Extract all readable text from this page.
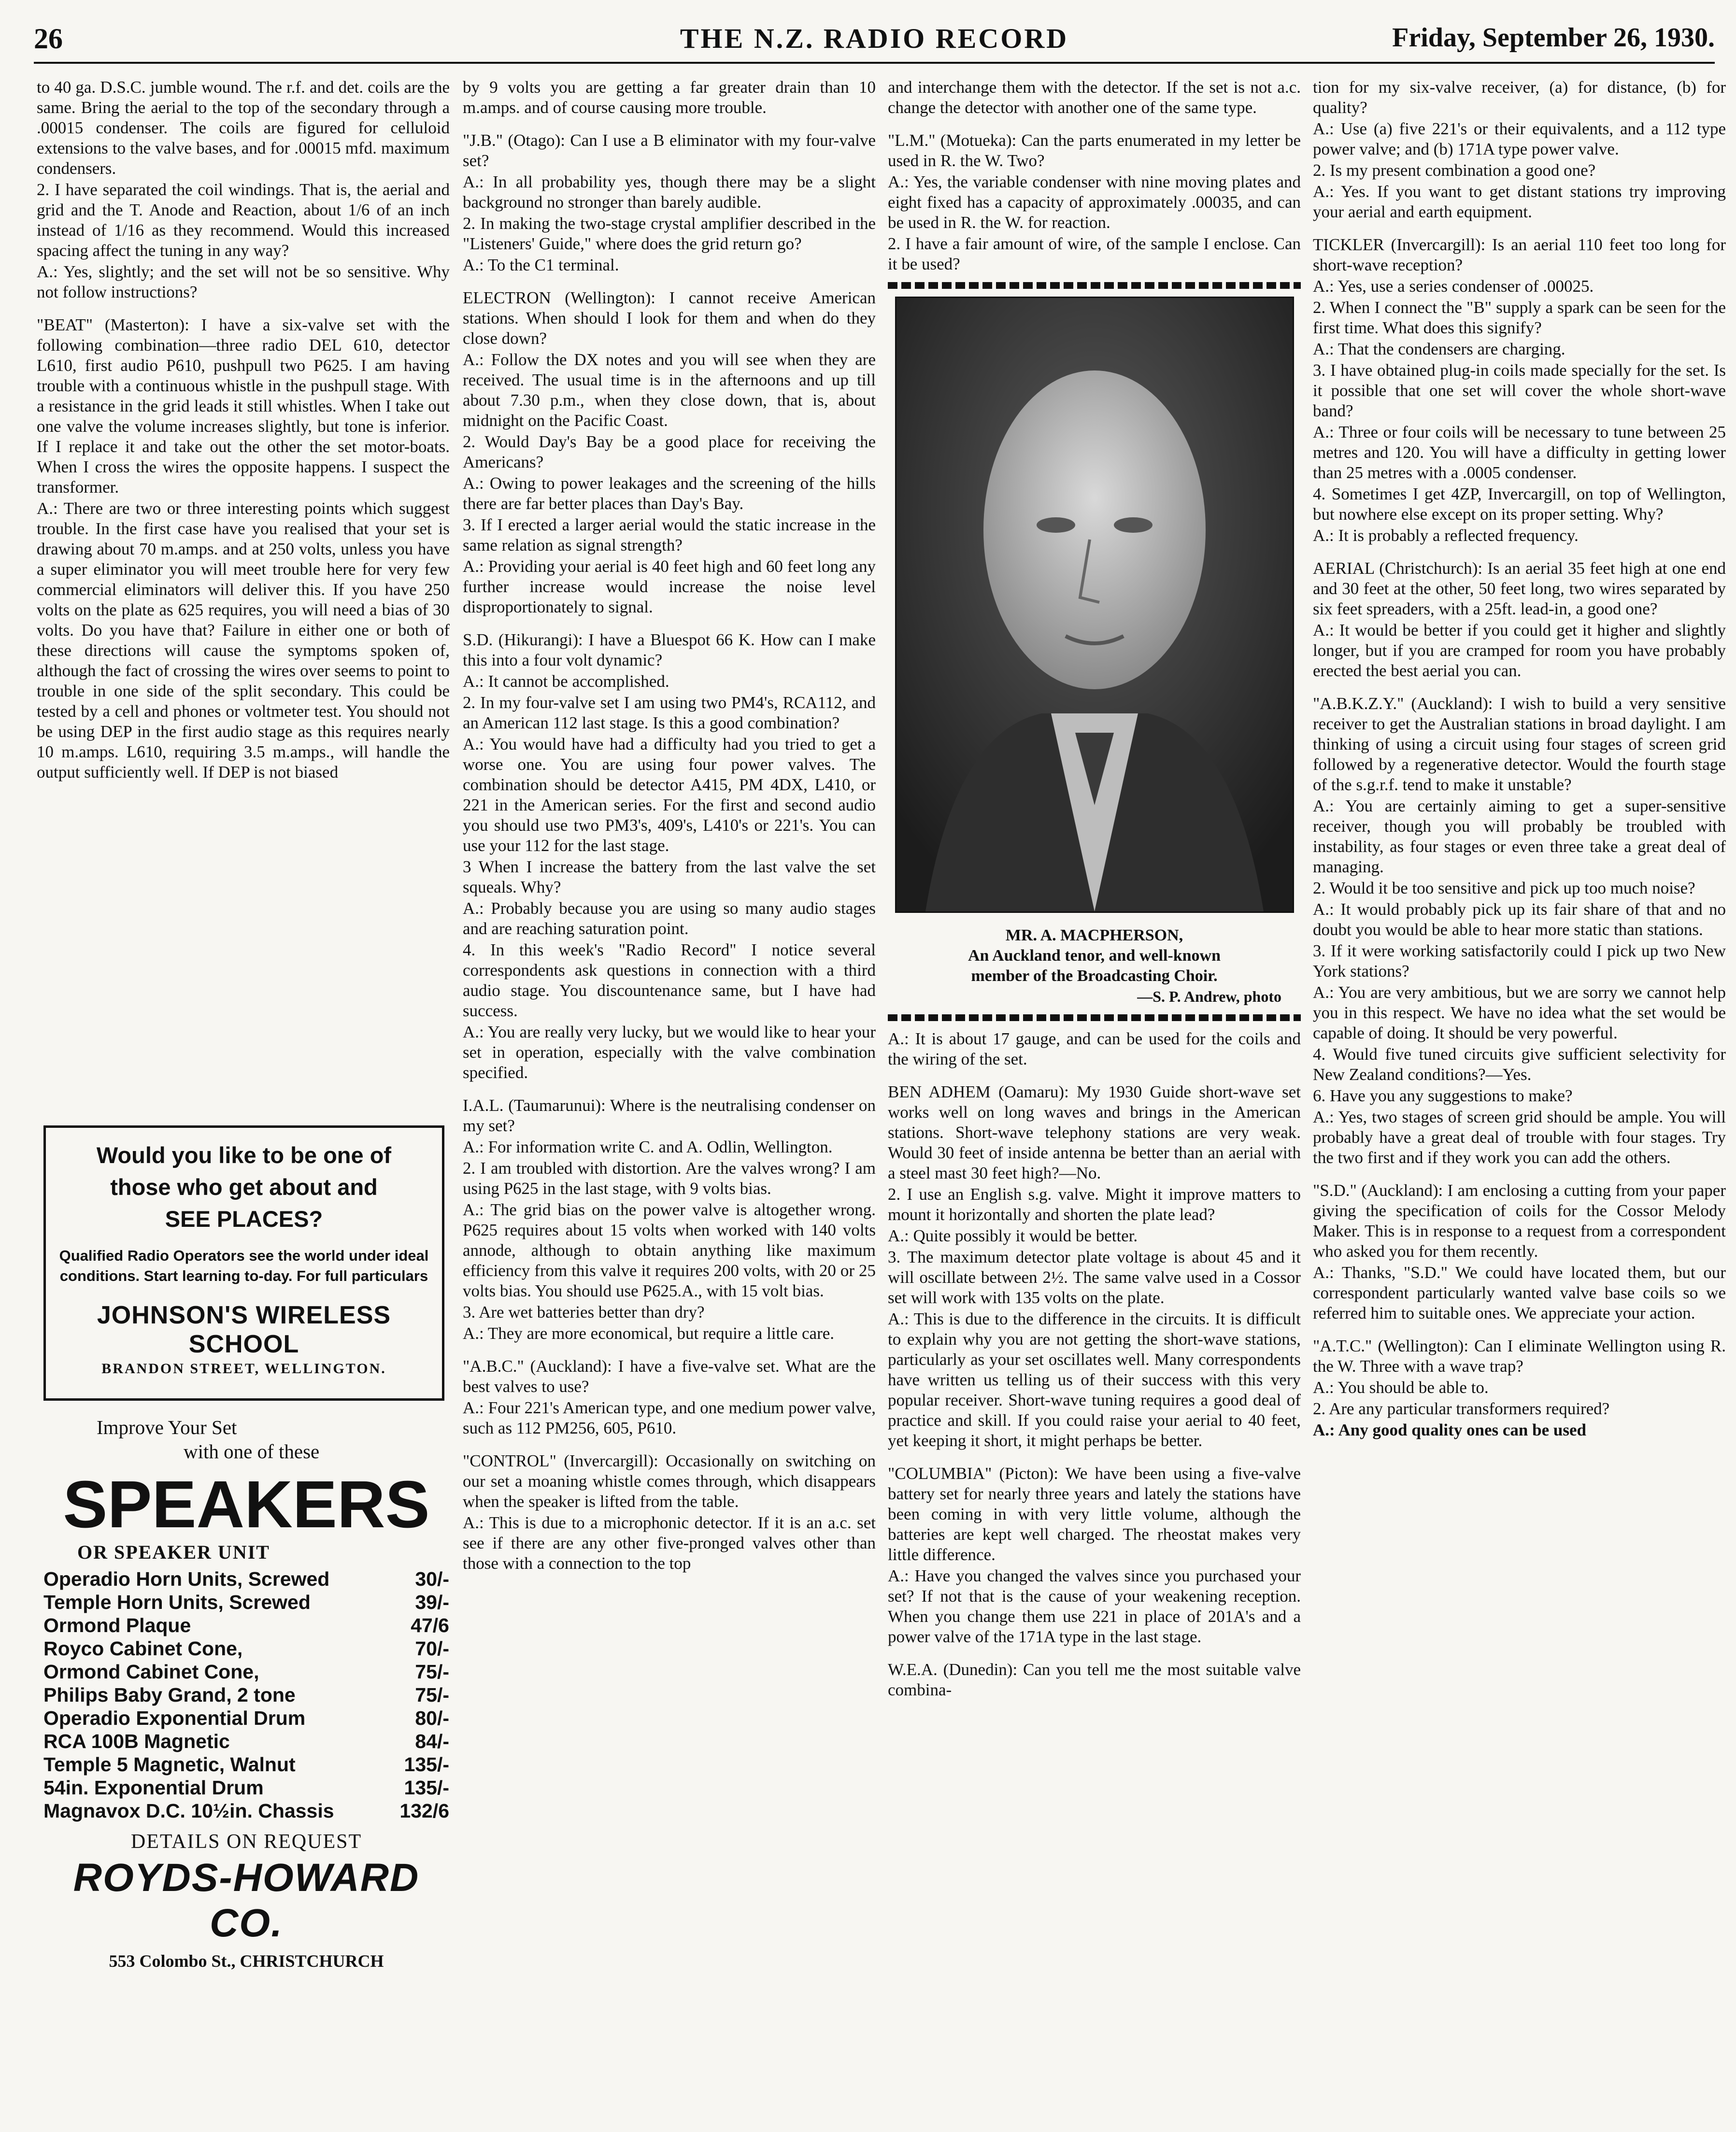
26	THE N.Z. RADIO RECORD	Friday, September 26, 1930.

to 40 ga. D.S.C. jumble wound. The r.f. and det. coils are the same. Bring the aerial to the top of the secondary through a .00015 condenser. The coils are figured for celluloid extensions to the valve bases, and for .00015 mfd. maximum condensers.

2. I have separated the coil windings. That is, the aerial and grid and the T. Anode and Reaction, about 1/6 of an inch instead of 1/16 as they recommend. Would this increased spacing affect the tuning in any way?

A.: Yes, slightly; and the set will not be so sensitive. Why not follow instructions?

"BEAT" (Masterton): I have a six-valve set with the following combination—three radio DEL 610, detector L610, first audio P610, pushpull two P625. I am having trouble with a continuous whistle in the pushpull stage. With a resistance in the grid leads it still whistles. When I take out one valve the volume increases slightly, but tone is inferior. If I replace it and take out the other the set motor-boats. When I cross the wires the opposite happens. I suspect the transformer.

A.: There are two or three interesting points which suggest trouble. In the first case have you realised that your set is drawing about 70 m.amps. and at 250 volts, unless you have a super eliminator you will meet trouble here for very few commercial eliminators will deliver this. If you have 250 volts on the plate as 625 requires, you will need a bias of 30 volts. Do you have that? Failure in either one or both of these directions will cause the symptoms spoken of, although the fact of crossing the wires over seems to point to trouble in one side of the split secondary. This could be tested by a cell and phones or voltmeter test. You should not be using DEP in the first audio stage as this requires nearly 10 m.amps. L610, requiring 3.5 m.amps., will handle the output sufficiently well. If DEP is not biased

Would you like to be one of
those who get about and
SEE PLACES?
Qualified Radio Operators see the world under ideal conditions. Start learning to-day. For full particulars
JOHNSON'S WIRELESS SCHOOL
BRANDON STREET, WELLINGTON.
Improve Your Set
with one of these
SPEAKERS
OR SPEAKER UNIT
Operadio Horn Units, Screwed	30/-
Temple Horn Units, Screwed	39/-
Ormond Plaque	47/6
Royco Cabinet Cone,	70/-
Ormond Cabinet Cone,	75/-
Philips Baby Grand, 2 tone	75/-
Operadio Exponential Drum	80/-
RCA 100B Magnetic	84/-
Temple 5 Magnetic, Walnut	135/-
54in. Exponential Drum	135/-
Magnavox D.C. 10½in. Chassis	132/6
DETAILS ON REQUEST
ROYDS-HOWARD CO.
553 Colombo St., CHRISTCHURCH

by 9 volts you are getting a far greater drain than 10 m.amps. and of course causing more trouble.

"J.B." (Otago): Can I use a B eliminator with my four-valve set?

A.: In all probability yes, though there may be a slight background no stronger than barely audible.

2. In making the two-stage crystal amplifier described in the "Listeners' Guide," where does the grid return go?

A.: To the C1 terminal.

ELECTRON (Wellington): I cannot receive American stations. When should I look for them and when do they close down?

A.: Follow the DX notes and you will see when they are received. The usual time is in the afternoons and up till about 7.30 p.m., when they close down, that is, about midnight on the Pacific Coast.

2. Would Day's Bay be a good place for receiving the Americans?

A.: Owing to power leakages and the screening of the hills there are far better places than Day's Bay.

3. If I erected a larger aerial would the static increase in the same relation as signal strength?

A.: Providing your aerial is 40 feet high and 60 feet long any further increase would increase the noise level disproportionately to signal.

S.D. (Hikurangi): I have a Bluespot 66 K. How can I make this into a four volt dynamic?

A.: It cannot be accomplished.

2. In my four-valve set I am using two PM4's, RCA112, and an American 112 last stage. Is this a good combination?

A.: You would have had a difficulty had you tried to get a worse one. You are using four power valves. The combination should be detector A415, PM 4DX, L410, or 221 in the American series. For the first and second audio you should use two PM3's, 409's, L410's or 221's. You can use your 112 for the last stage.

3 When I increase the battery from the last valve the set squeals. Why?

A.: Probably because you are using so many audio stages and are reaching saturation point.

4. In this week's "Radio Record" I notice several correspondents ask questions in connection with a third audio stage. You discountenance same, but I have had success.

A.: You are really very lucky, but we would like to hear your set in operation, especially with the valve combination specified.

I.A.L. (Taumarunui): Where is the neutralising condenser on my set?

A.: For information write C. and A. Odlin, Wellington.

2. I am troubled with distortion. Are the valves wrong? I am using P625 in the last stage, with 9 volts bias.

A.: The grid bias on the power valve is altogether wrong. P625 requires about 15 volts when worked with 140 volts annode, although to obtain anything like maximum efficiency from this valve it requires 200 volts, with 20 or 25 volts bias. You should use P625.A., with 15 volt bias.

3. Are wet batteries better than dry?

A.: They are more economical, but require a little care.

"A.B.C." (Auckland): I have a five-valve set. What are the best valves to use?

A.: Four 221's American type, and one medium power valve, such as 112 PM256, 605, P610.

"CONTROL" (Invercargill): Occasionally on switching on our set a moaning whistle comes through, which disappears when the speaker is lifted from the table.

A.: This is due to a microphonic detector. If it is an a.c. set see if there are any other five-pronged valves other than those with a connection to the top

and interchange them with the detector. If the set is not a.c. change the detector with another one of the same type.

"L.M." (Motueka): Can the parts enumerated in my letter be used in R. the W. Two?

A.: Yes, the variable condenser with nine moving plates and eight fixed has a capacity of approximately .00035, and can be used in R. the W. for reaction.

2. I have a fair amount of wire, of the sample I enclose. Can it be used?

MR. A. MACPHERSON,
An Auckland tenor, and well-known
member of the Broadcasting Choir.
—S. P. Andrew, photo

A.: It is about 17 gauge, and can be used for the coils and the wiring of the set.

BEN ADHEM (Oamaru): My 1930 Guide short-wave set works well on long waves and brings in the American stations. Short-wave telephony stations are very weak. Would 30 feet of inside antenna be better than an aerial with a steel mast 30 feet high?—No.

2. I use an English s.g. valve. Might it improve matters to mount it horizontally and shorten the plate lead?

A.: Quite possibly it would be better.

3. The maximum detector plate voltage is about 45 and it will oscillate between 2½. The same valve used in a Cossor set will work with 135 volts on the plate.

A.: This is due to the difference in the circuits. It is difficult to explain why you are not getting the short-wave stations, particularly as your set oscillates well. Many correspondents have written us telling us of their success with this very popular receiver. Short-wave tuning requires a good deal of practice and skill. If you could raise your aerial to 40 feet, yet keeping it short, it might perhaps be better.

"COLUMBIA" (Picton): We have been using a five-valve battery set for nearly three years and lately the stations have been coming in with very little volume, although the batteries are kept well charged. The rheostat makes very little difference.

A.: Have you changed the valves since you purchased your set? If not that is the cause of your weakening reception. When you change them use 221 in place of 201A's and a power valve of the 171A type in the last stage.

W.E.A. (Dunedin): Can you tell me the most suitable valve combina-

tion for my six-valve receiver, (a) for distance, (b) for quality?

A.: Use (a) five 221's or their equivalents, and a 112 type power valve; and (b) 171A type power valve.

2. Is my present combination a good one?

A.: Yes. If you want to get distant stations try improving your aerial and earth equipment.

TICKLER (Invercargill): Is an aerial 110 feet too long for short-wave reception?

A.: Yes, use a series condenser of .00025.

2. When I connect the "B" supply a spark can be seen for the first time. What does this signify?

A.: That the condensers are charging.

3. I have obtained plug-in coils made specially for the set. Is it possible that one set will cover the whole short-wave band?

A.: Three or four coils will be necessary to tune between 25 metres and 120. You will have a difficulty in getting lower than 25 metres with a .0005 condenser.

4. Sometimes I get 4ZP, Invercargill, on top of Wellington, but nowhere else except on its proper setting. Why?

A.: It is probably a reflected frequency.

AERIAL (Christchurch): Is an aerial 35 feet high at one end and 30 feet at the other, 50 feet long, two wires separated by six feet spreaders, with a 25ft. lead-in, a good one?

A.: It would be better if you could get it higher and slightly longer, but if you are cramped for room you have probably erected the best aerial you can.

"A.B.K.Z.Y." (Auckland): I wish to build a very sensitive receiver to get the Australian stations in broad daylight. I am thinking of using a circuit using four stages of screen grid followed by a regenerative detector. Would the fourth stage of the s.g.r.f. tend to make it unstable?

A.: You are certainly aiming to get a super-sensitive receiver, though you will probably be troubled with instability, as four stages or even three take a great deal of managing.

2. Would it be too sensitive and pick up too much noise?

A.: It would probably pick up its fair share of that and no doubt you would be able to hear more static than stations.

3. If it were working satisfactorily could I pick up two New York stations?

A.: You are very ambitious, but we are sorry we cannot help you in this respect. We have no idea what the set would be capable of doing. It should be very powerful.

4. Would five tuned circuits give sufficient selectivity for New Zealand conditions?—Yes.

6. Have you any suggestions to make?

A.: Yes, two stages of screen grid should be ample. You will probably have a great deal of trouble with four stages. Try the two first and if they work you can add the others.

"S.D." (Auckland): I am enclosing a cutting from your paper giving the specification of coils for the Cossor Melody Maker. This is in response to a request from a correspondent who asked you for them recently.

A.: Thanks, "S.D." We could have located them, but our correspondent particularly wanted valve base coils so we referred him to suitable ones. We appreciate your action.

"A.T.C." (Wellington): Can I eliminate Wellington using R. the W. Three with a wave trap?

A.: You should be able to.

2. Are any particular transformers required?

A.: Any good quality ones can be used
